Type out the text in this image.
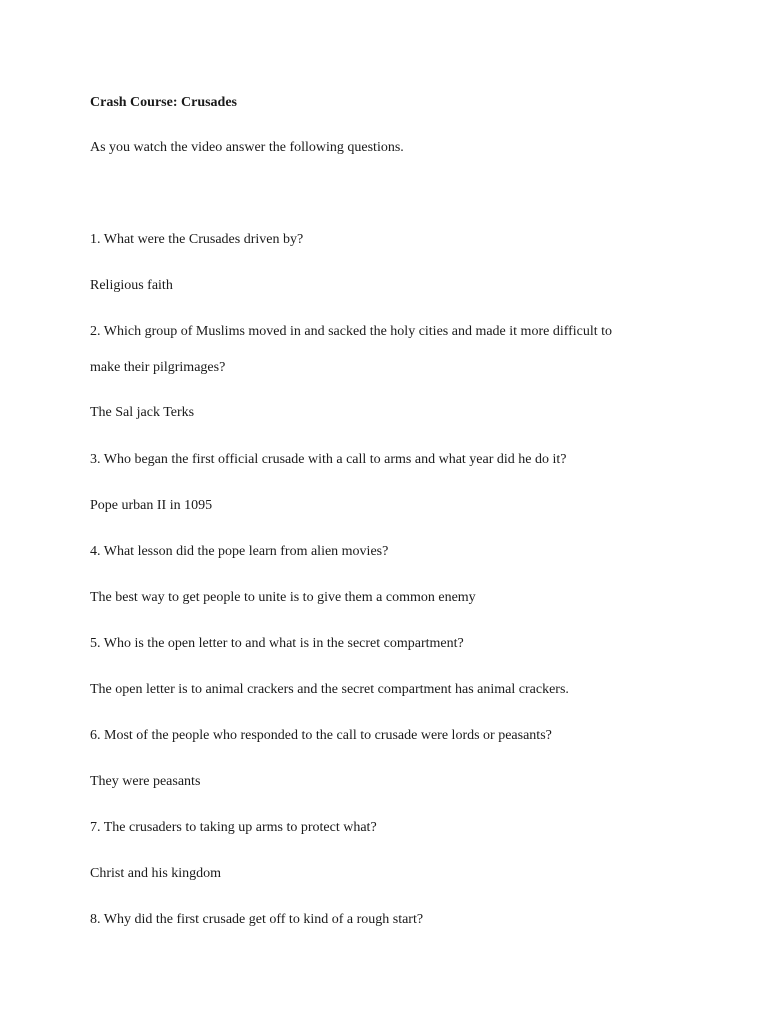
Crash Course: Crusades
As you watch the video answer the following questions.
1. What were the Crusades driven by?
Religious faith
2. Which group of Muslims moved in and sacked the holy cities and made it more difficult to
make their pilgrimages?
The Sal jack Terks
3. Who began the first official crusade with a call to arms and what year did he do it?
Pope urban II in 1095
4. What lesson did the pope learn from alien movies?
The best way to get people to unite is to give them a common enemy
5. Who is the open letter to and what is in the secret compartment?
The open letter is to animal crackers and the secret compartment has animal crackers.
6. Most of the people who responded to the call to crusade were lords or peasants?
They were peasants
7. The crusaders to taking up arms to protect what?
Christ and his kingdom
8. Why did the first crusade get off to kind of a rough start?
